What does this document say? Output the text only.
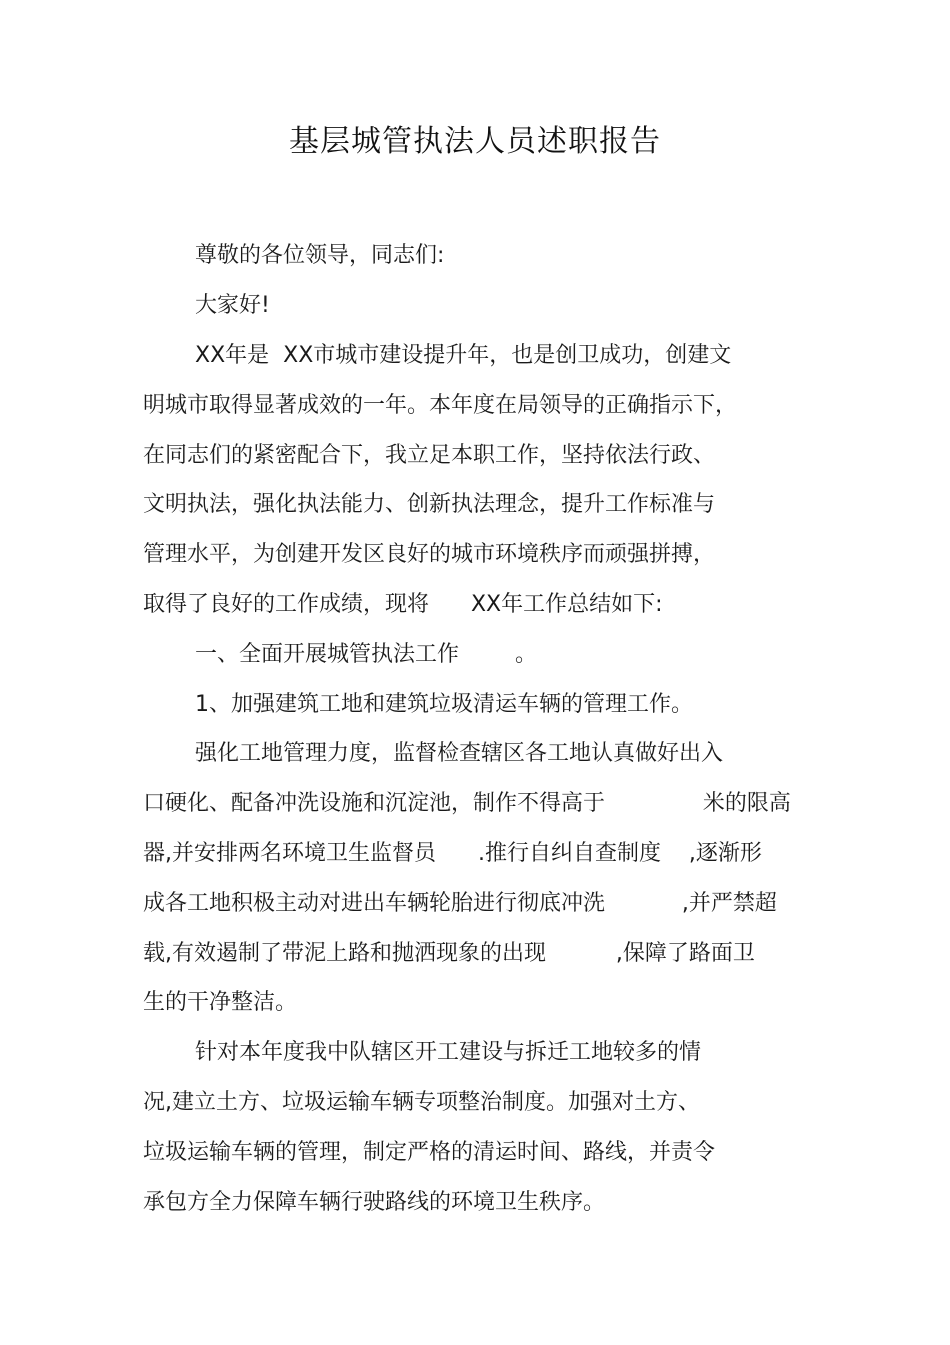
基层城管执法人员述职报告
尊敬的各位领导，同志们:
大家好!
XX年是  XX市城市建设提升年，也是创卫成功，创建文
明城市取得显著成效的一年。本年度在局领导的正确指示下，
在同志们的紧密配合下，我立足本职工作，坚持依法行政、
文明执法，强化执法能力、创新执法理念，提升工作标准与
管理水平，为创建开发区良好的城市环境秩序而顽强拼搏，
取得了良好的工作成绩，现将      XX年工作总结如下:
一、全面开展城管执法工作        。
1、加强建筑工地和建筑垃圾清运车辆的管理工作。
强化工地管理力度，监督检查辖区各工地认真做好出入
口硬化、配备冲洗设施和沉淀池，制作不得高于              米的限高
器,并安排两名环境卫生监督员      .推行自纠自查制度    ,逐渐形
成各工地积极主动对进出车辆轮胎进行彻底冲洗           ,并严禁超
载,有效遏制了带泥上路和抛洒现象的出现          ,保障了路面卫
生的干净整洁。
针对本年度我中队辖区开工建设与拆迁工地较多的情
况,建立土方、垃圾运输车辆专项整治制度。加强对土方、
垃圾运输车辆的管理，制定严格的清运时间、路线，并责令
承包方全力保障车辆行驶路线的环境卫生秩序。
